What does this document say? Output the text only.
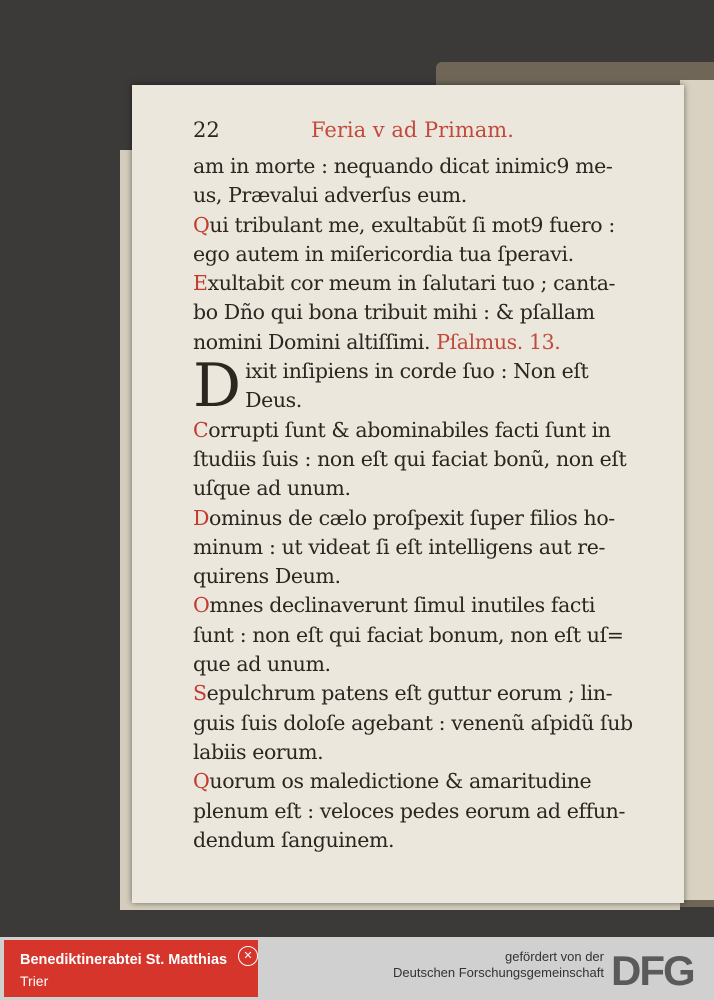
22	Feria v ad Primam.
am in morte : nequando dicat inimic9 me-
us, Prævalui adverſus eum.
Qui tribulant me, exultabũt ſi mot9 fuero :
ego autem in miſericordia tua ſperavi.
Exultabit cor meum in ſalutari tuo ; canta-
bo Dño qui bona tribuit mihi : & pſallam
nomini Domini altiſſimi. Pſalmus. 13.
D ixit inſipiens in corde ſuo : Non eſt
Deus.
Corrupti ſunt & abominabiles facti ſunt in
ſtudiis ſuis : non eſt qui faciat bonũ, non eſt
uſque ad unum.
Dominus de cælo proſpexit ſuper filios ho-
minum : ut videat ſi eſt intelligens aut re-
quirens Deum.
Omnes declinaverunt ſimul inutiles facti
ſunt : non eſt qui faciat bonum, non eſt uſ=
que ad unum.
Sepulchrum patens eſt guttur eorum ; lin-
guis ſuis doloſe agebant : venenũ aſpidũ ſub
labiis eorum.
Quorum os maledictione & amaritudine
plenum eſt : veloces pedes eorum ad effun-
dendum ſanguinem.
Benediktinerabtei St. Matthias
Trier
✕	gefördert von der
Deutschen Forschungsgemeinschaft DFG
